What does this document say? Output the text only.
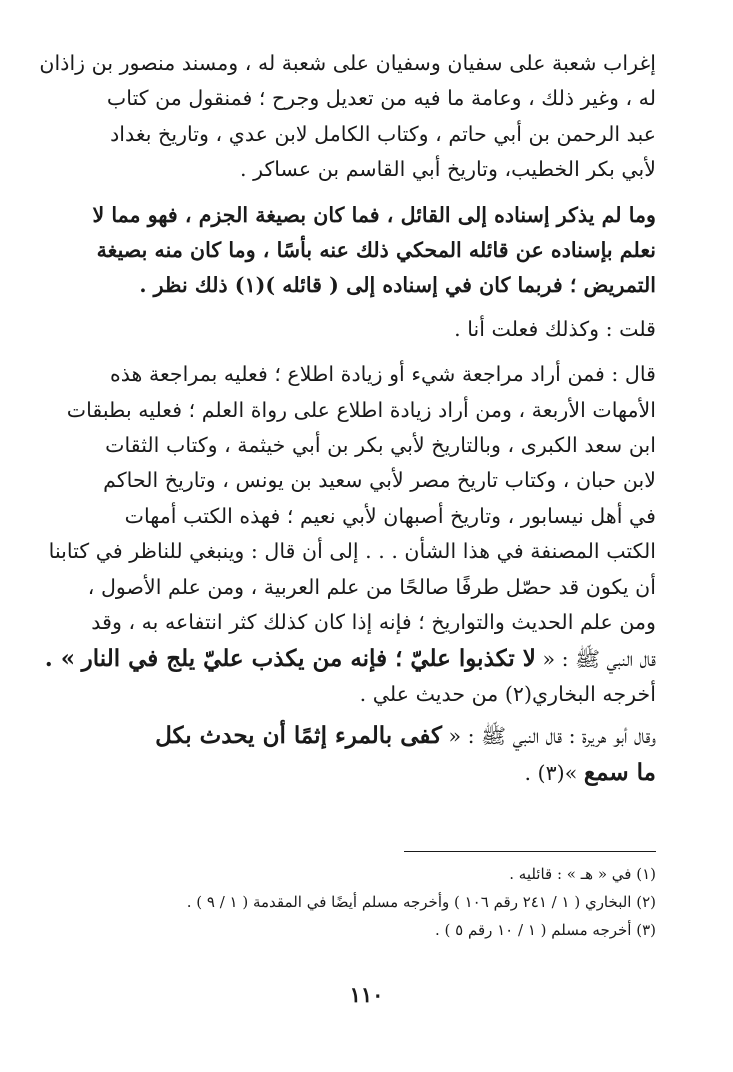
إغراب شعبة على سفيان وسفيان على شعبة له ، ومسند منصور بن زاذان
له ، وغير ذلك ، وعامة ما فيه من تعديل وجرح ؛ فمنقول من كتاب
عبد الرحمن بن أبي حاتم ، وكتاب الكامل لابن عدي ، وتاريخ بغداد
لأبي بكر الخطيب، وتاريخ أبي القاسم بن عساكر .

وما لم يذكر إسناده إلى القائل ، فما كان بصيغة الجزم ، فهو مما لا
نعلم بإسناده عن قائله المحكي ذلك عنه بأسًا ، وما كان منه بصيغة
التمريض ؛ فربما كان في إسناده إلى ( قائله )(١) ذلك نظر .

قلت : وكذلك فعلت أنا .

قال : فمن أراد مراجعة شيء أو زيادة اطلاع ؛ فعليه بمراجعة هذه
الأمهات الأربعة ، ومن أراد زيادة اطلاع على رواة العلم ؛ فعليه بطبقات
ابن سعد الكبرى ، وبالتاريخ لأبي بكر بن أبي خيثمة ، وكتاب الثقات
لابن حبان ، وكتاب تاريخ مصر لأبي سعيد بن يونس ، وتاريخ الحاكم
في أهل نيسابور ، وتاريخ أصبهان لأبي نعيم ؛ فهذه الكتب أمهات
الكتب المصنفة في هذا الشأن . . . إلى أن قال : وينبغي للناظر في كتابنا
أن يكون قد حصّل طرفًا صالحًا من علم العربية ، ومن علم الأصول ،
ومن علم الحديث والتواريخ ؛ فإنه إذا كان كذلك كثر انتفاعه به ، وقد
قال النبي ﷺ : « لا تكذبوا عليّ ؛ فإنه من يكذب عليّ يلج في النار » .
أخرجه البخاري(٢) من حديث علي .

وقال أبو هريرة : قال النبي ﷺ : « كفى بالمرء إثمًا أن يحدث بكل
ما سمع »(٣) .

(١) في « هـ » : قائليه .
(٢) البخاري ( ١ / ٢٤١ رقم ١٠٦ ) وأخرجه مسلم أيضًا في المقدمة ( ١ / ٩ ) .
(٣) أخرجه مسلم ( ١ / ١٠ رقم ٥ ) .
١١٠
